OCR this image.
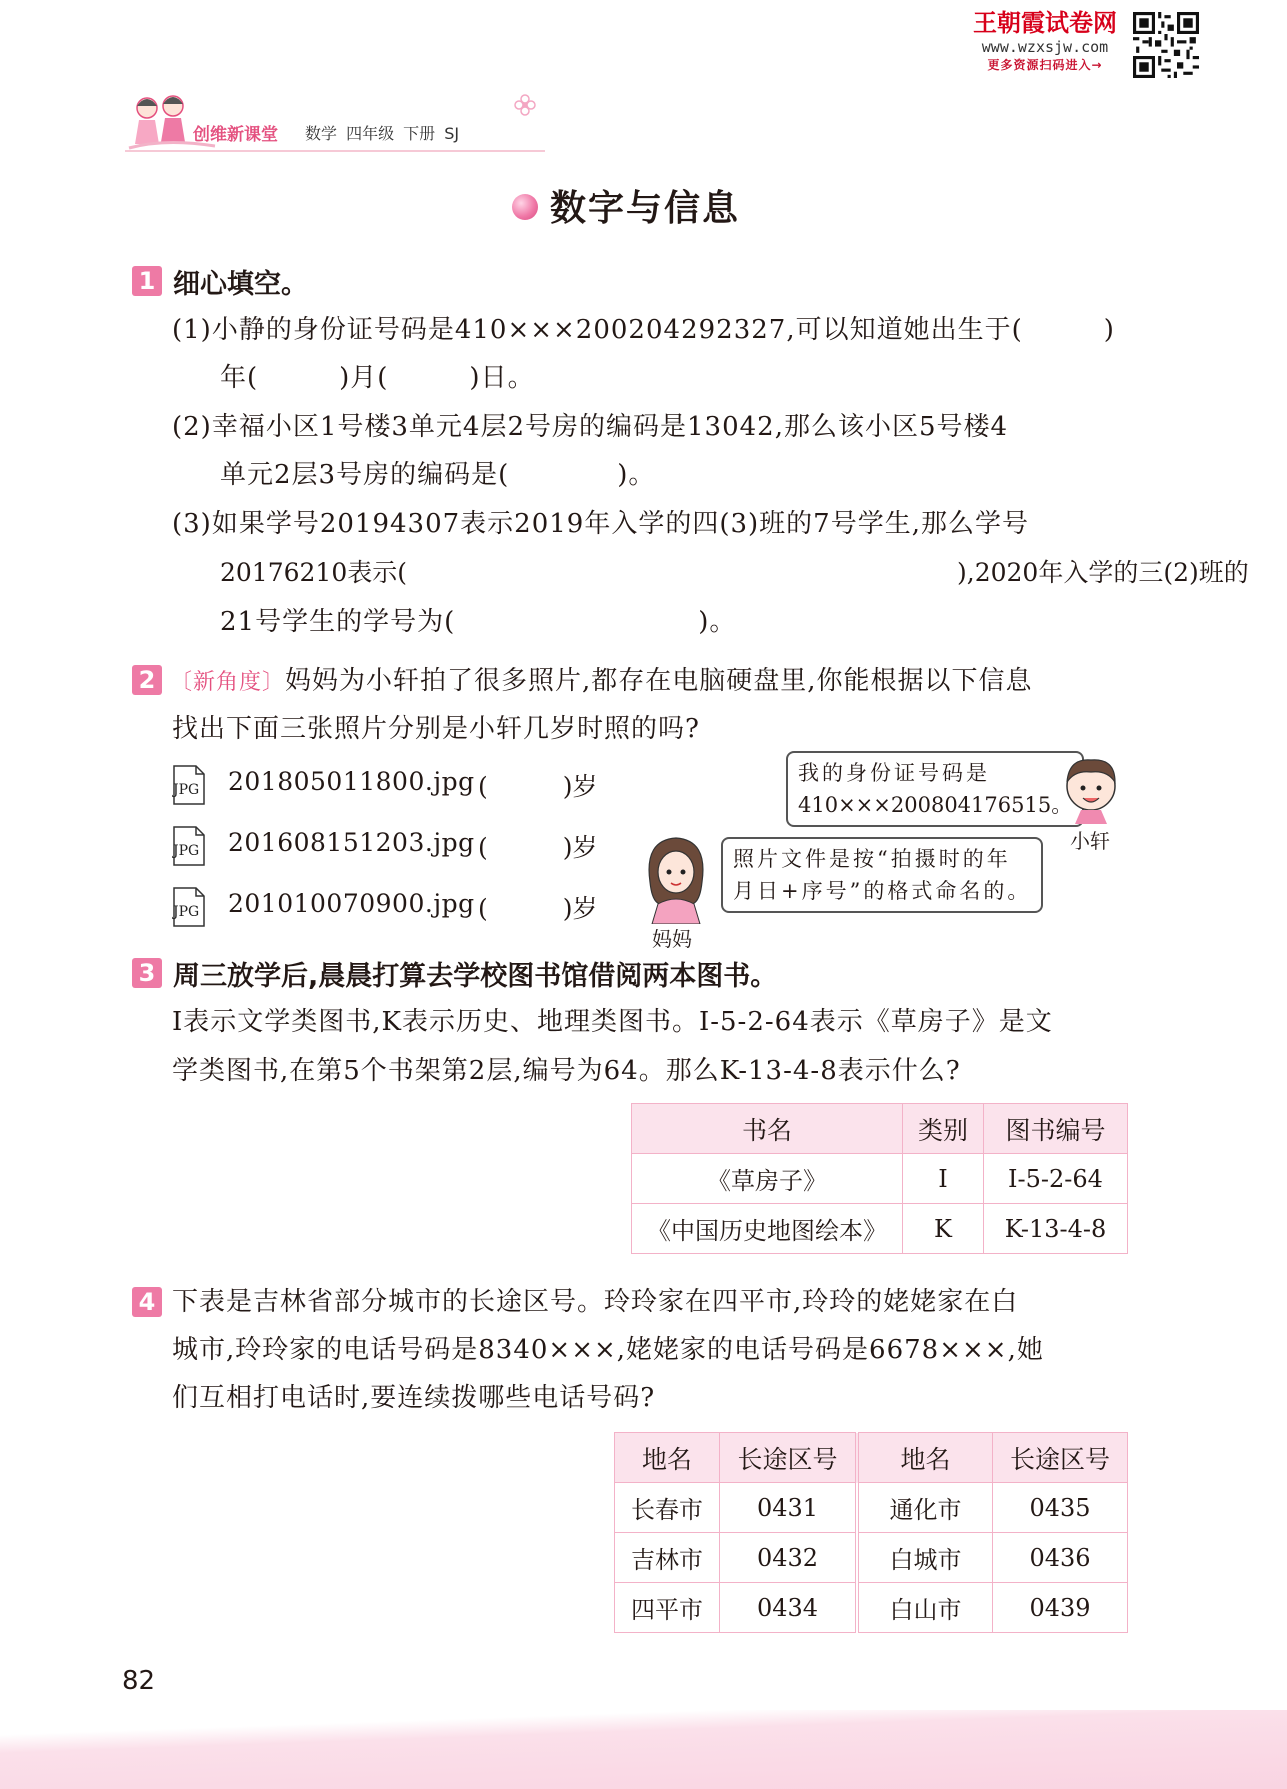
王朝霞试卷网
www.wzxsjw.com
更多资源扫码进入→
创维新课堂 数学 四年级 下册 SJ
数字与信息
1 细心填空。
(1)小静的身份证号码是410×××200204292327,可以知道她出生于(　　　)
年(　　　)月(　　　)日。
(2)幸福小区1号楼3单元4层2号房的编码是13042,那么该小区5号楼4
单元2层3号房的编码是(　　　　)。
(3)如果学号20194307表示2019年入学的四(3)班的7号学生,那么学号
20176210表示(　　　　　　　　　　　　　　　　　　　　　　),2020年入学的三(2)班的
21号学生的学号为(　　　　　　　　　)。
2 〔新角度〕妈妈为小轩拍了很多照片,都存在电脑硬盘里,你能根据以下信息
找出下面三张照片分别是小轩几岁时照的吗?
JPG 201805011800.jpg (　　　)岁
JPG 201608151203.jpg (　　　)岁
JPG 201010070900.jpg (　　　)岁
我的身份证号码是
410×××200804176515。
小轩
妈妈
照片文件是按“拍摄时的年
月日+序号”的格式命名的。
3 周三放学后,晨晨打算去学校图书馆借阅两本图书。
I表示文学类图书,K表示历史、地理类图书。I-5-2-64表示《草房子》是文
学类图书,在第5个书架第2层,编号为64。那么K-13-4-8表示什么?
书名	类别	图书编号
《草房子》	I	I-5-2-64
《中国历史地图绘本》	K	K-13-4-8
4 下表是吉林省部分城市的长途区号。玲玲家在四平市,玲玲的姥姥家在白
城市,玲玲家的电话号码是8340×××,姥姥家的电话号码是6678×××,她
们互相打电话时,要连续拨哪些电话号码?
地名	长途区号	地名	长途区号
长春市	0431	通化市	0435
吉林市	0432	白城市	0436
四平市	0434	白山市	0439
82
